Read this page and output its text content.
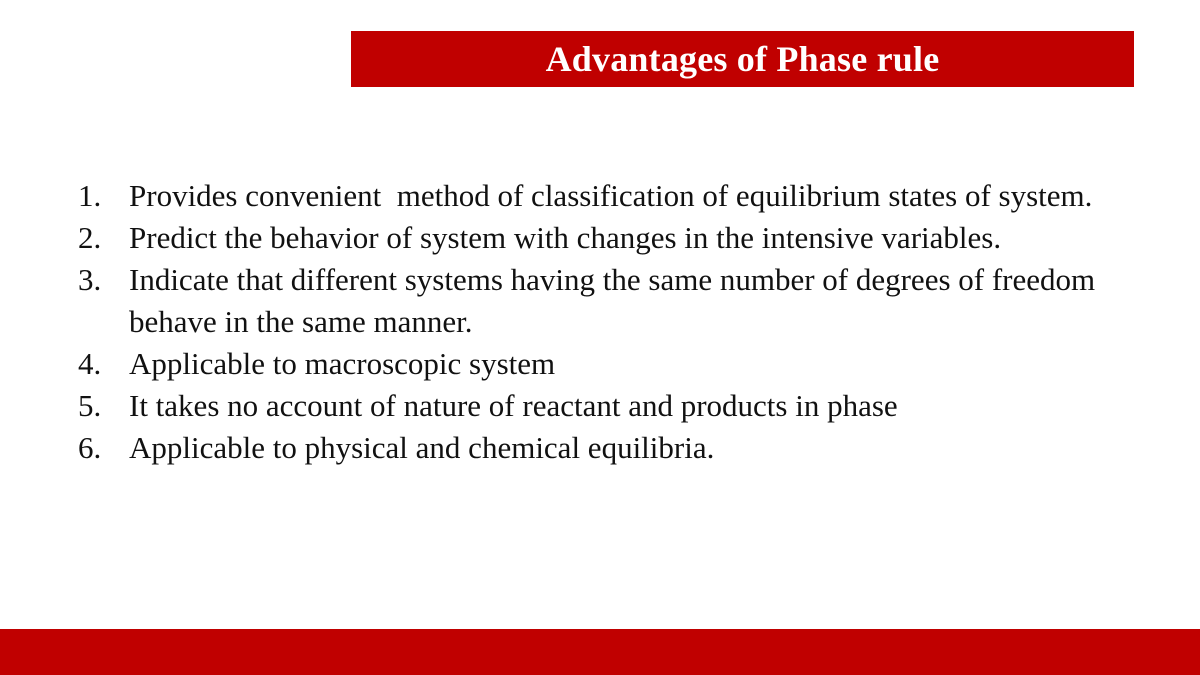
Advantages of Phase rule
1. Provides convenient  method of classification of equilibrium states of system.
2. Predict the behavior of system with changes in the intensive variables.
3. Indicate that different systems having the same number of degrees of freedom behave in the same manner.
4. Applicable to macroscopic system
5. It takes no account of nature of reactant and products in phase
6. Applicable to physical and chemical equilibria.
